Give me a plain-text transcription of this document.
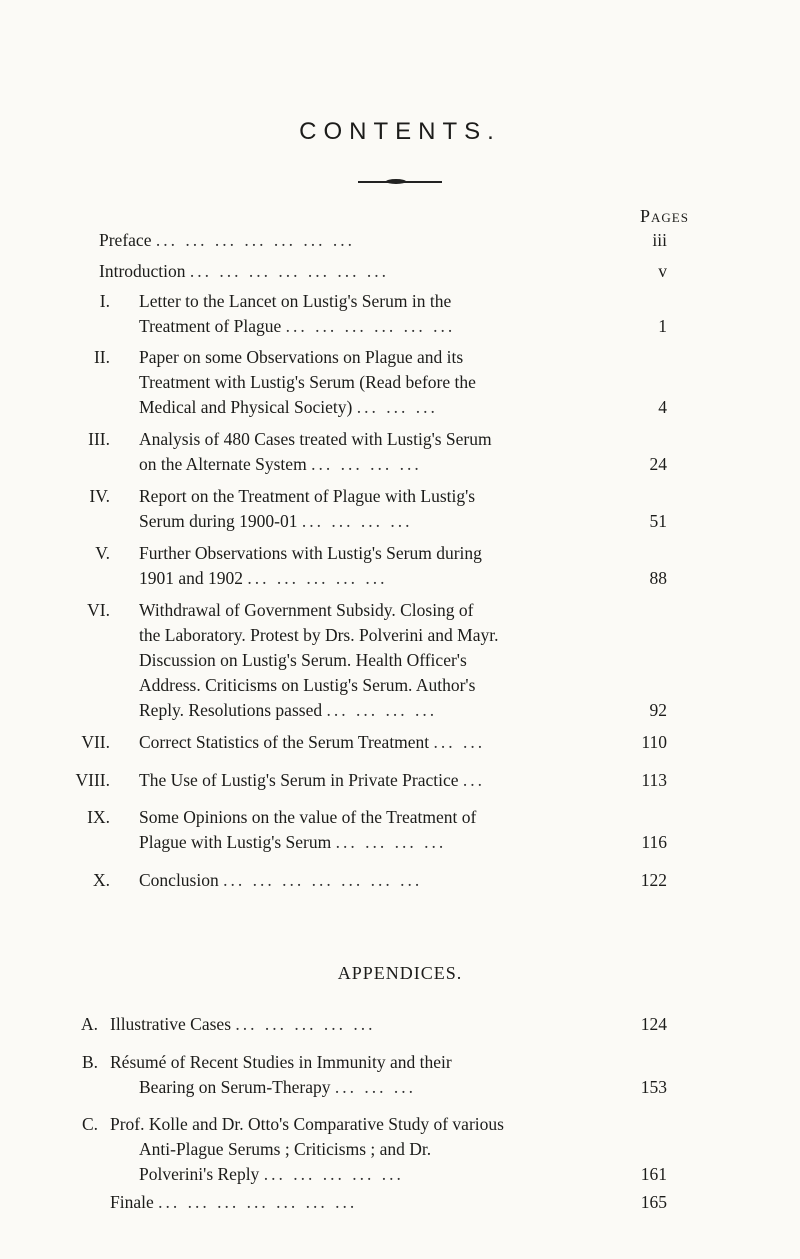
CONTENTS.
Pages
Preface ... ... ... ... ... ... ...	iii
Introduction ... ... ... ... ... ... ...	v
I. Letter to the Lancet on Lustig's Serum in the
Treatment of Plague ... ... ... ... ... ...	1
II. Paper on some Observations on Plague and its
Treatment with Lustig's Serum (Read before the
Medical and Physical Society) ... ... ...	4
III. Analysis of 480 Cases treated with Lustig's Serum
on the Alternate System ... ... ... ...	24
IV. Report on the Treatment of Plague with Lustig's
Serum during 1900-01 ... ... ... ...	51
V. Further Observations with Lustig's Serum during
1901 and 1902 ... ... ... ... ...	88
VI. Withdrawal of Government Subsidy. Closing of
the Laboratory. Protest by Drs. Polverini and Mayr.
Discussion on Lustig's Serum. Health Officer's
Address. Criticisms on Lustig's Serum. Author's
Reply. Resolutions passed ... ... ... ...	92
VII. Correct Statistics of the Serum Treatment ... ...	110
VIII. The Use of Lustig's Serum in Private Practice ...	113
IX. Some Opinions on the value of the Treatment of
Plague with Lustig's Serum ... ... ... ...	116
X. Conclusion ... ... ... ... ... ... ...	122
APPENDICES.
A. Illustrative Cases ... ... ... ... ...	124
B. Résumé of Recent Studies in Immunity and their
Bearing on Serum-Therapy ... ... ...	153
C. Prof. Kolle and Dr. Otto's Comparative Study of various
Anti-Plague Serums ; Criticisms ; and Dr.
Polverini's Reply ... ... ... ... ...	161
Finale ... ... ... ... ... ... ...	165
